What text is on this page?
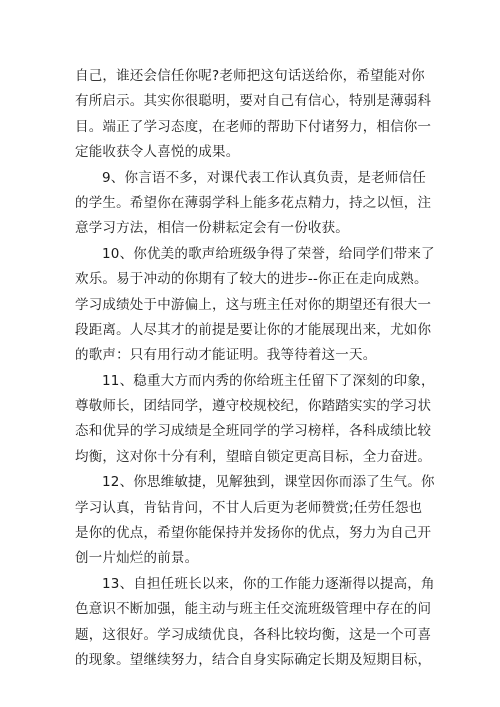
自己，谁还会信任你呢?老师把这句话送给你，希望能对你
有所启示。其实你很聪明，要对自己有信心，特别是薄弱科
目。端正了学习态度，在老师的帮助下付诸努力，相信你一
定能收获令人喜悦的成果。
9、你言语不多，对课代表工作认真负责，是老师信任
的学生。希望你在薄弱学科上能多花点精力，持之以恒，注
意学习方法，相信一份耕耘定会有一份收获。
10、你优美的歌声给班级争得了荣誉，给同学们带来了
欢乐。易于冲动的你期有了较大的进步--你正在走向成熟。
学习成绩处于中游偏上，这与班主任对你的期望还有很大一
段距离。人尽其才的前提是要让你的才能展现出来，尤如你
的歌声：只有用行动才能证明。我等待着这一天。
11、稳重大方而内秀的你给班主任留下了深刻的印象，
尊敬师长，团结同学，遵守校规校纪，你踏踏实实的学习状
态和优异的学习成绩是全班同学的学习榜样，各科成绩比较
均衡，这对你十分有利，望暗自锁定更高目标，全力奋进。
12、你思维敏捷，见解独到，课堂因你而添了生气。你
学习认真，肯钻肯问，不甘人后更为老师赞赏;任劳任怨也
是你的优点，希望你能保持并发扬你的优点，努力为自己开
创一片灿烂的前景。
13、自担任班长以来，你的工作能力逐渐得以提高，角
色意识不断加强，能主动与班主任交流班级管理中存在的问
题，这很好。学习成绩优良，各科比较均衡，这是一个可喜
的现象。望继续努力，结合自身实际确定长期及短期目标，
